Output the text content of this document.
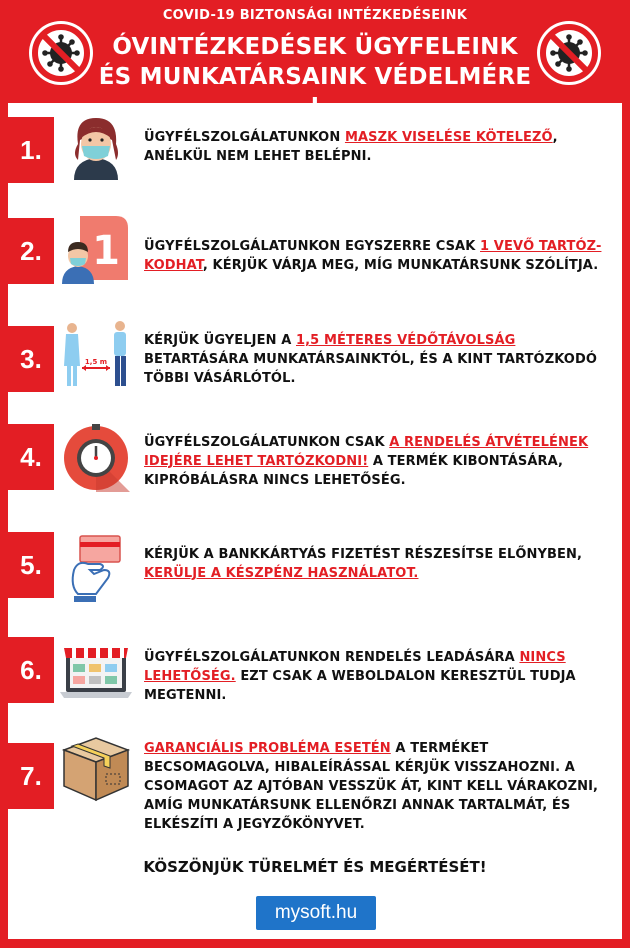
COVID-19 BIZTONSÁGI INTÉZKEDÉSEINK
ÓVINTÉZKEDÉSEK ÜGYFELEINK ÉS MUNKATÁRSAINK VÉDELMÉRE
1.	ÜGYFÉLSZOLGÁLATUNKON MASZK VISELÉSE KÖTELEZŐ, ANÉLKÜL NEM LEHET BELÉPNI.
2.	1 ÜGYFÉLSZOLGÁLATUNKON EGYSZERRE CSAK 1 VEVŐ TARTÓZ-KODHAT, KÉRJÜK VÁRJA MEG, MÍG MUNKATÁRSUNK SZÓLÍTJA.
3.	1,5 m
KÉRJÜK ÜGYELJEN A 1,5 MÉTERES VÉDŐTÁVOLSÁG BETARTÁSÁRA MUNKATÁRSAINKTÓL, ÉS A KINT TARTÓZKODÓ TÖBBI VÁSÁRLÓTÓL.
4.	ÜGYFÉLSZOLGÁLATUNKON CSAK A RENDELÉS ÁTVÉTELÉNEK IDEJÉRE LEHET TARTÓZKODNI! A TERMÉK KIBONTÁSÁRA, KIPRÓBÁLÁSRA NINCS LEHETŐSÉG.
5.	KÉRJÜK A BANKKÁRTYÁS FIZETÉST RÉSZESÍTSE ELŐNYBEN, KERÜLJE A KÉSZPÉNZ HASZNÁLATOT.
6.	ÜGYFÉLSZOLGÁLATUNKON RENDELÉS LEADÁSÁRA NINCS LEHETŐSÉG. EZT CSAK A WEBOLDALON KERESZTÜL TUDJA MEGTENNI.
7.
GARANCIÁLIS PROBLÉMA ESETÉN A TERMÉKET BECSOMAGOLVA, HIBALEÍRÁSSAL KÉRJÜK VISSZAHOZNI. A CSOMAGOT AZ AJTÓBAN VESSZÜK ÁT, KINT KELL VÁRAKOZNI, AMÍG MUNKATÁRSUNK ELLENŐRZI ANNAK TARTALMÁT, ÉS ELKÉSZÍTI A JEGYZŐKÖNYVET.
KÖSZÖNJÜK TÜRELMÉT ÉS MEGÉRTÉSÉT!
mysoft.hu
